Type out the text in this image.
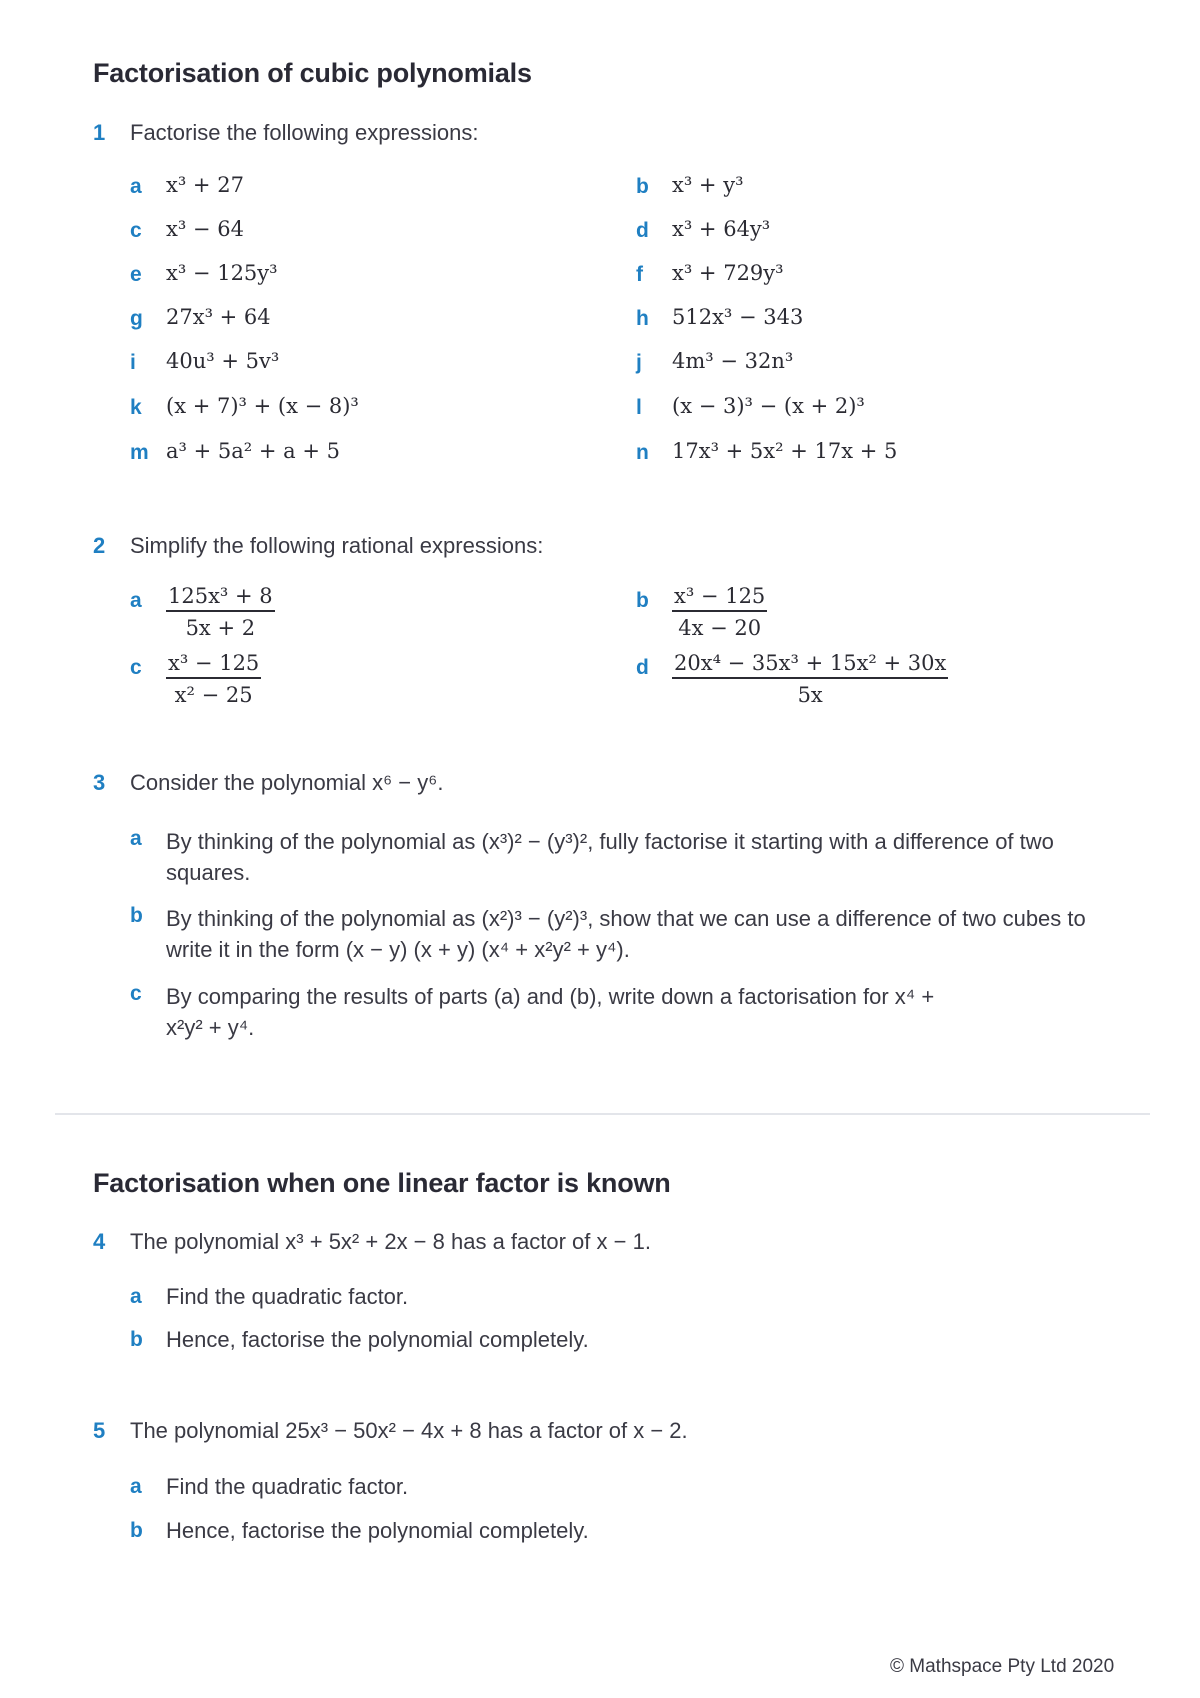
Factorisation of cubic polynomials
1 Factorise the following expressions:
a x³ + 27	b x³ + y³
c x³ − 64	d x³ + 64y³
e x³ − 125y³	f x³ + 729y³
g 27x³ + 64	h 512x³ − 343
i 40u³ + 5v³	j 4m³ − 32n³
k (x + 7)³ + (x − 8)³	l (x − 3)³ − (x + 2)³
m a³ + 5a² + a + 5	n 17x³ + 5x² + 17x + 5
2 Simplify the following rational expressions:
a 125x³ + 8
5x + 2
b x³ − 125
4x − 20
c x³ − 125
x² − 25
d 20x⁴ − 35x³ + 15x² + 30x
5x
3 Consider the polynomial x⁶ − y⁶.
a By thinking of the polynomial as (x³)² − (y³)², fully factorise it starting with a difference of two squares.
b By thinking of the polynomial as (x²)³ − (y²)³, show that we can use a difference of two cubes to write it in the form (x − y) (x + y) (x⁴ + x²y² + y⁴).
c By comparing the results of parts (a) and (b), write down a factorisation for x⁴ + x²y² + y⁴.
Factorisation when one linear factor is known
4 The polynomial x³ + 5x² + 2x − 8 has a factor of x − 1.
a Find the quadratic factor.
b Hence, factorise the polynomial completely.
5 The polynomial 25x³ − 50x² − 4x + 8 has a factor of x − 2.
a Find the quadratic factor.
b Hence, factorise the polynomial completely.
© Mathspace Pty Ltd 2020
